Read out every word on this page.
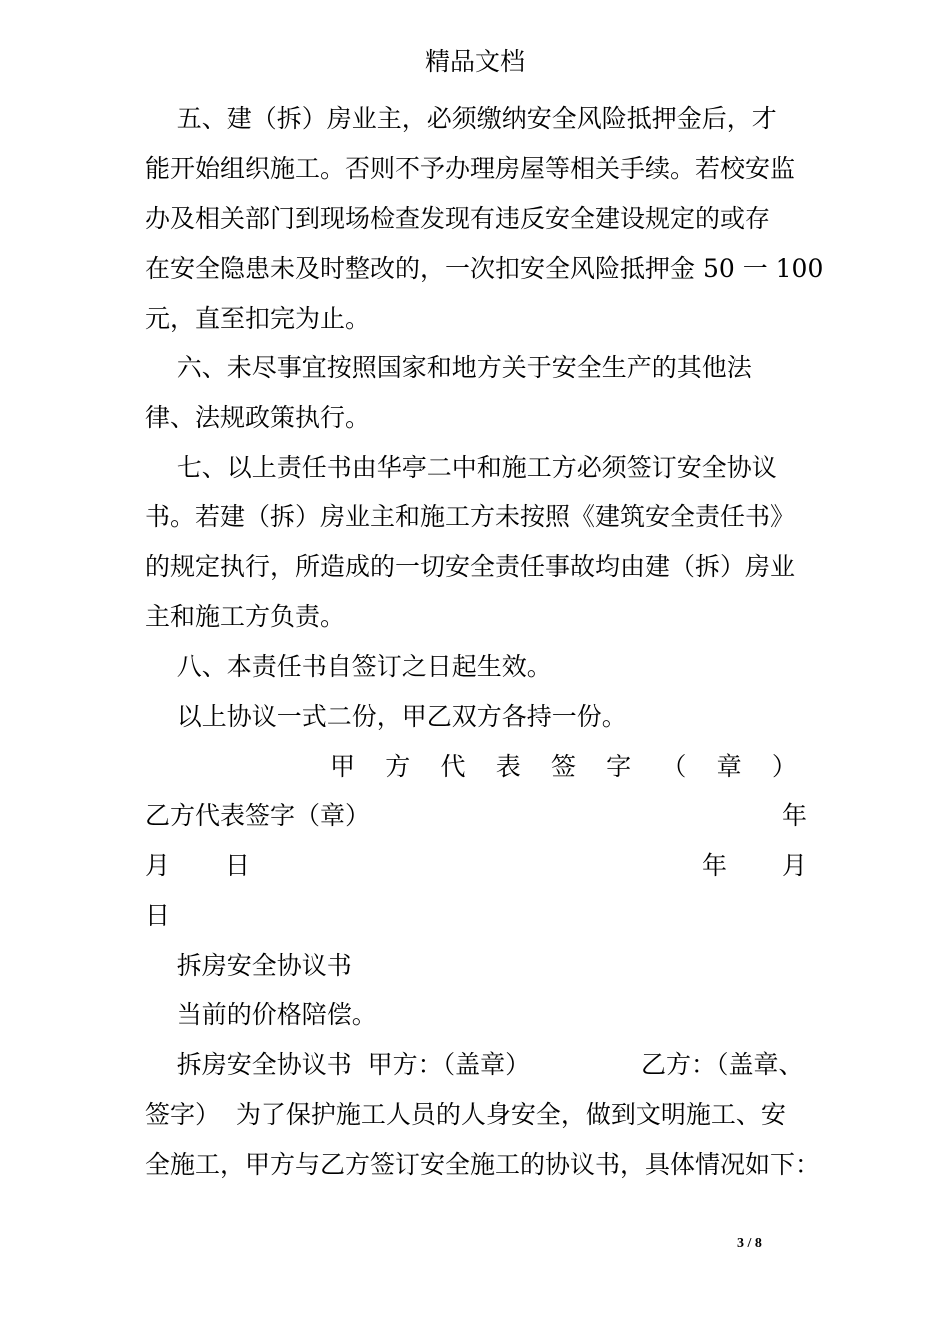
精品文档
五、建（拆）房业主，必须缴纳安全风险抵押金后，才
能开始组织施工。否则不予办理房屋等相关手续。若校安监
办及相关部门到现场检查发现有违反安全建设规定的或存
在安全隐患未及时整改的，一次扣安全风险抵押金 50 一 100
元，直至扣完为止。
六、未尽事宜按照国家和地方关于安全生产的其他法
律、法规政策执行。
七、以上责任书由华亭二中和施工方必须签订安全协议
书。若建（拆）房业主和施工方未按照《建筑安全责任书》
的规定执行，所造成的一切安全责任事故均由建（拆）房业
主和施工方负责。
八、本责任书自签订之日起生效。
以上协议一式二份，甲乙双方各持一份。
甲 方 代 表 签 字 （ 章 ）
乙方代表签字（章）	年
月 日	年 月
日
拆房安全协议书
当前的价格陪偿。
拆房安全协议书  甲方：（盖章）	乙方：（盖章、
签字）  为了保护施工人员的人身安全，做到文明施工、安
全施工，甲方与乙方签订安全施工的协议书，具体情况如下：
3 / 8
